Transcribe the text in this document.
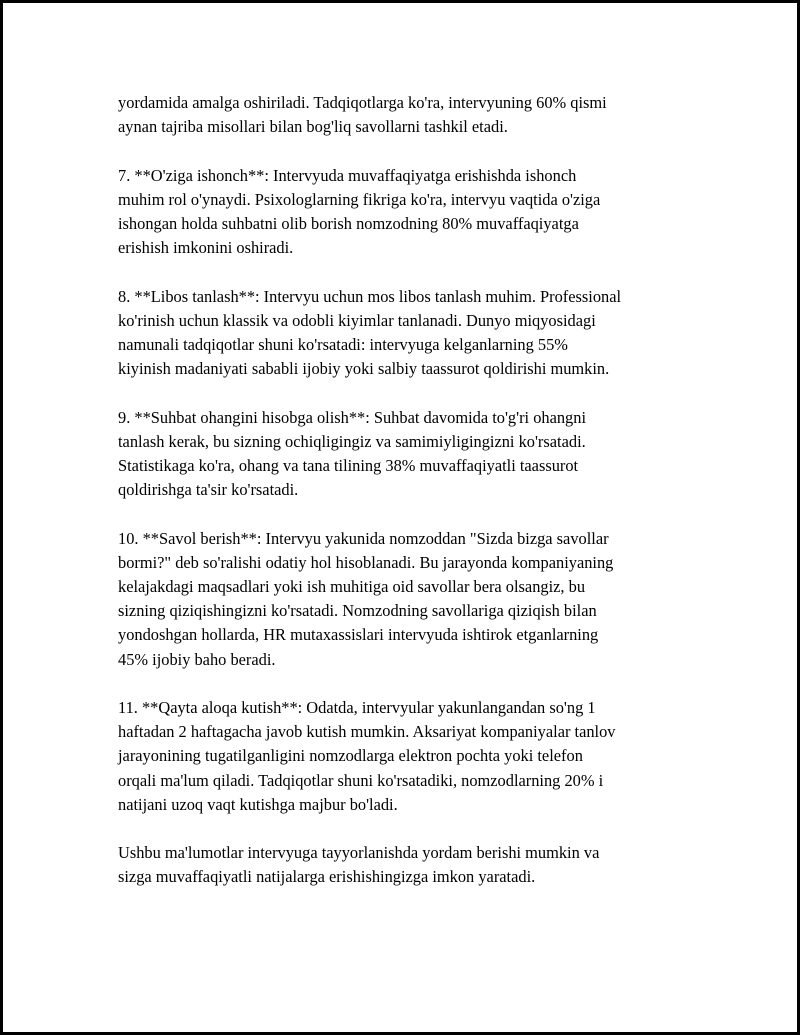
yordamida amalga oshiriladi. Tadqiqotlarga ko'ra, intervyuning 60% qismi
aynan tajriba misollari bilan bog'liq savollarni tashkil etadi.

7. **O'ziga ishonch**: Intervyuda muvaffaqiyatga erishishda ishonch
muhim rol o'ynaydi. Psixologlarning fikriga ko'ra, intervyu vaqtida o'ziga
ishongan holda suhbatni olib borish nomzodning 80% muvaffaqiyatga
erishish imkonini oshiradi.

8. **Libos tanlash**: Intervyu uchun mos libos tanlash muhim. Professional
ko'rinish uchun klassik va odobli kiyimlar tanlanadi. Dunyo miqyosidagi
namunali tadqiqotlar shuni ko'rsatadi: intervyuga kelganlarning 55%
kiyinish madaniyati sababli ijobiy yoki salbiy taassurot qoldirishi mumkin.

9. **Suhbat ohangini hisobga olish**: Suhbat davomida to'g'ri ohangni
tanlash kerak, bu sizning ochiqligingiz va samimiyligingizni ko'rsatadi.
Statistikaga ko'ra, ohang va tana tilining 38% muvaffaqiyatli taassurot
qoldirishga ta'sir ko'rsatadi.

10. **Savol berish**: Intervyu yakunida nomzoddan "Sizda bizga savollar
bormi?" deb so'ralishi odatiy hol hisoblanadi. Bu jarayonda kompaniyaning
kelajakdagi maqsadlari yoki ish muhitiga oid savollar bera olsangiz, bu
sizning qiziqishingizni ko'rsatadi. Nomzodning savollariga qiziqish bilan
yondoshgan hollarda, HR mutaxassislari intervyuda ishtirok etganlarning
45% ijobiy baho beradi.

11. **Qayta aloqa kutish**: Odatda, intervyular yakunlangandan so'ng 1
haftadan 2 haftagacha javob kutish mumkin. Aksariyat kompaniyalar tanlov
jarayonining tugatilganligini nomzodlarga elektron pochta yoki telefon
orqali ma'lum qiladi. Tadqiqotlar shuni ko'rsatadiki, nomzodlarning 20% i
natijani uzoq vaqt kutishga majbur bo'ladi.

Ushbu ma'lumotlar intervyuga tayyorlanishda yordam berishi mumkin va
sizga muvaffaqiyatli natijalarga erishishingizga imkon yaratadi.
